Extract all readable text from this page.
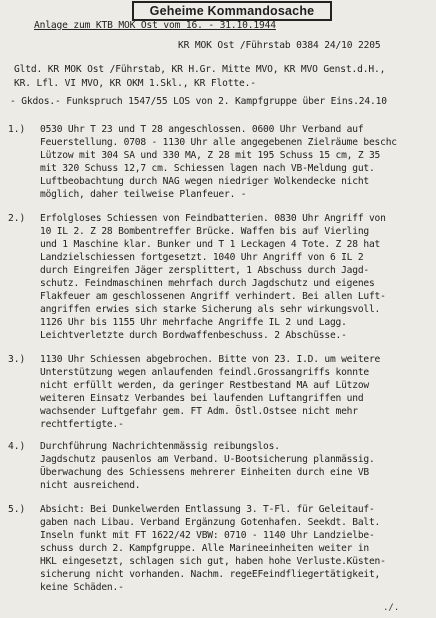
Geheime Kommandosache
Anlage zum KTB MOK Ost vom 16. - 31.10.1944
KR MOK Ost /Führstab 0384 24/10 2205
Gltd. KR MOK Ost /Führstab, KR H.Gr. Mitte MVO, KR MVO Genst.d.H.,
KR. Lfl. VI MVO, KR OKM 1.Skl., KR Flotte.-
- Gkdos.- Funkspruch 1547/55 LOS von 2. Kampfgruppe über Eins.24.10
1.) 0530 Uhr T 23 und T 28 angeschlossen. 0600 Uhr Verband auf
Feuerstellung. 0708 - 1130 Uhr alle angegebenen Zielräume beschc
Lützow mit 304 SA und 330 MA, Z 28 mit 195 Schuss 15 cm, Z 35
mit 320 Schuss 12,7 cm. Schiessen lagen nach VB-Meldung gut.
Luftbeobachtung durch NAG wegen niedriger Wolkendecke nicht
möglich, daher teilweise Planfeuer. -
2.) Erfolgloses Schiessen von Feindbatterien. 0830 Uhr Angriff von
10 IL 2. Z 28 Bombentreffer Brücke. Waffen bis auf Vierling
und 1 Maschine klar. Bunker und T 1 Leckagen 4 Tote. Z 28 hat
Landzielschiessen fortgesetzt. 1040 Uhr Angriff von 6 IL 2
durch Eingreifen Jäger zersplittert, 1 Abschuss durch Jagd-
schutz. Feindmaschinen mehrfach durch Jagdschutz und eigenes
Flakfeuer am geschlossenen Angriff verhindert. Bei allen Luft-
angriffen erwies sich starke Sicherung als sehr wirkungsvoll.
1126 Uhr bis 1155 Uhr mehrfache Angriffe IL 2 und Lagg.
Leichtverletzte durch Bordwaffenbeschuss. 2 Abschüsse.-
3.) 1130 Uhr Schiessen abgebrochen. Bitte von 23. I.D. um weitere
Unterstützung wegen anlaufenden feindl.Grossangriffs konnte
nicht erfüllt werden, da geringer Restbestand MA auf Lützow
weiteren Einsatz Verbandes bei laufenden Luftangriffen und
wachsender Luftgefahr gem. FT Adm. Östl.Ostsee nicht mehr
rechtfertigte.-
4.) Durchführung Nachrichtenmässig reibungslos.
Jagdschutz pausenlos am Verband. U-Bootsicherung planmässig.
Überwachung des Schiessens mehrerer Einheiten durch eine VB
nicht ausreichend.
5.) Absicht: Bei Dunkelwerden Entlassung 3. T-Fl. für Geleitauf-
gaben nach Libau. Verband Ergänzung Gotenhafen. Seekdt. Balt.
Inseln funkt mit FT 1622/42 VBW: 0710 - 1140 Uhr Landzielbe-
schuss durch 2. Kampfgruppe. Alle Marineeinheiten weiter in
HKL eingesetzt, schlagen sich gut, haben hohe Verluste.Küsten-
sicherung nicht vorhanden. Nachm. regeEFeindfliegertätigkeit,
keine Schäden.-
./.
